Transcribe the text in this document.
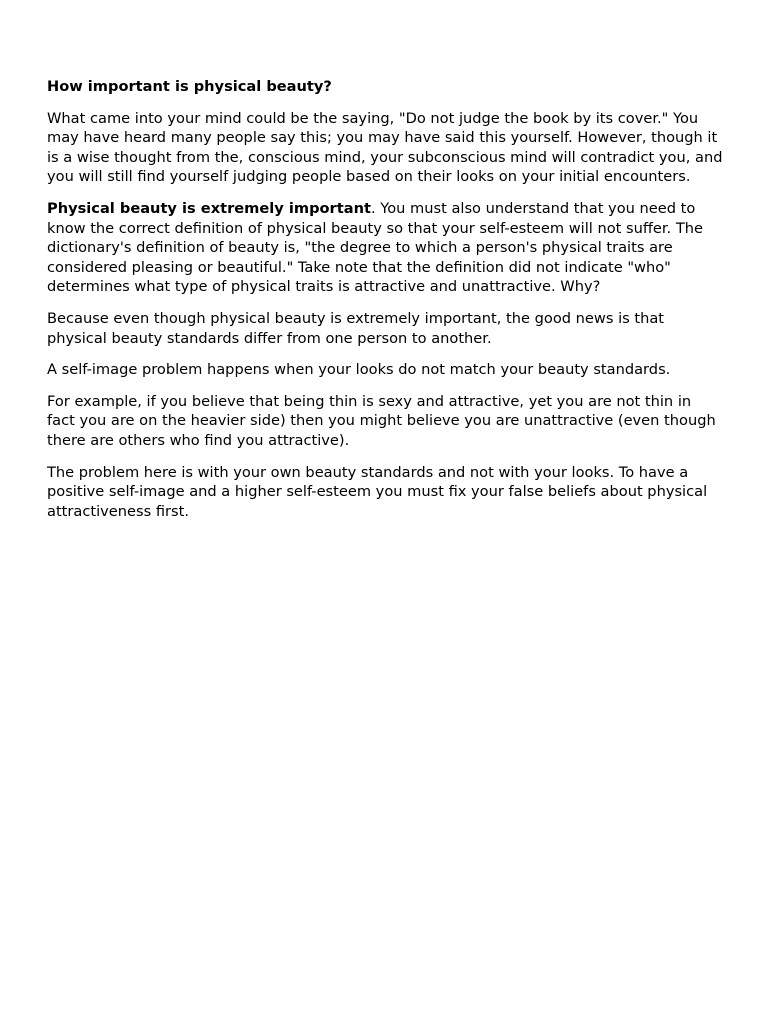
How important is physical beauty?

What came into your mind could be the saying, "Do not judge the book by its cover." You may have heard many people say this; you may have said this yourself. However, though it is a wise thought from the, conscious mind, your subconscious mind will contradict you, and you will still find yourself judging people based on their looks on your initial encounters.

Physical beauty is extremely important. You must also understand that you need to know the correct definition of physical beauty so that your self-esteem will not suffer. The dictionary's definition of beauty is, "the degree to which a person's physical traits are considered pleasing or beautiful." Take note that the definition did not indicate "who" determines what type of physical traits is attractive and unattractive. Why?

Because even though physical beauty is extremely important, the good news is that physical beauty standards differ from one person to another.

A self-image problem happens when your looks do not match your beauty standards.

For example, if you believe that being thin is sexy and attractive, yet you are not thin in fact you are on the heavier side) then you might believe you are unattractive (even though there are others who find you attractive).

The problem here is with your own beauty standards and not with your looks. To have a positive self-image and a higher self-esteem you must fix your false beliefs about physical attractiveness first.
